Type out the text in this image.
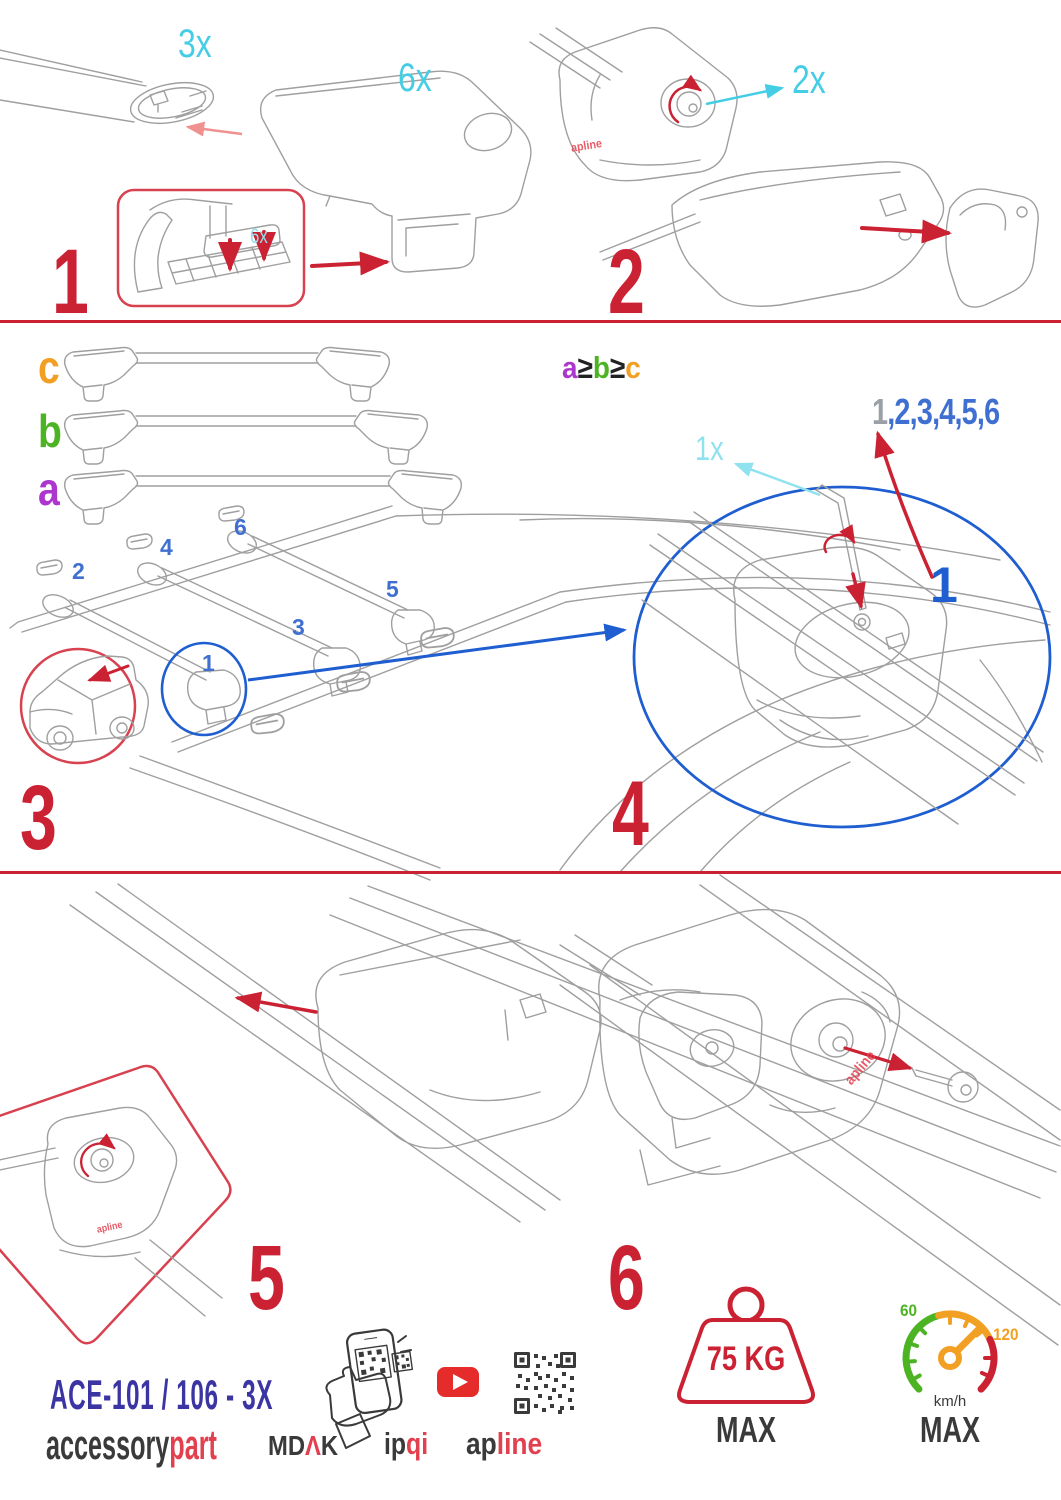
1	2
3	4
5	6
3x
6x
6x
2x
1x
c
b
a
a≥b≥c
1
2
3
4
5
6
1,2,3,4,5,6
1
apline
apline
apline
ACE-101 / 106 - 3X
accessorypart MDΛK ipqi apline
75 KG
MAX
60
120
km/h
MAX
